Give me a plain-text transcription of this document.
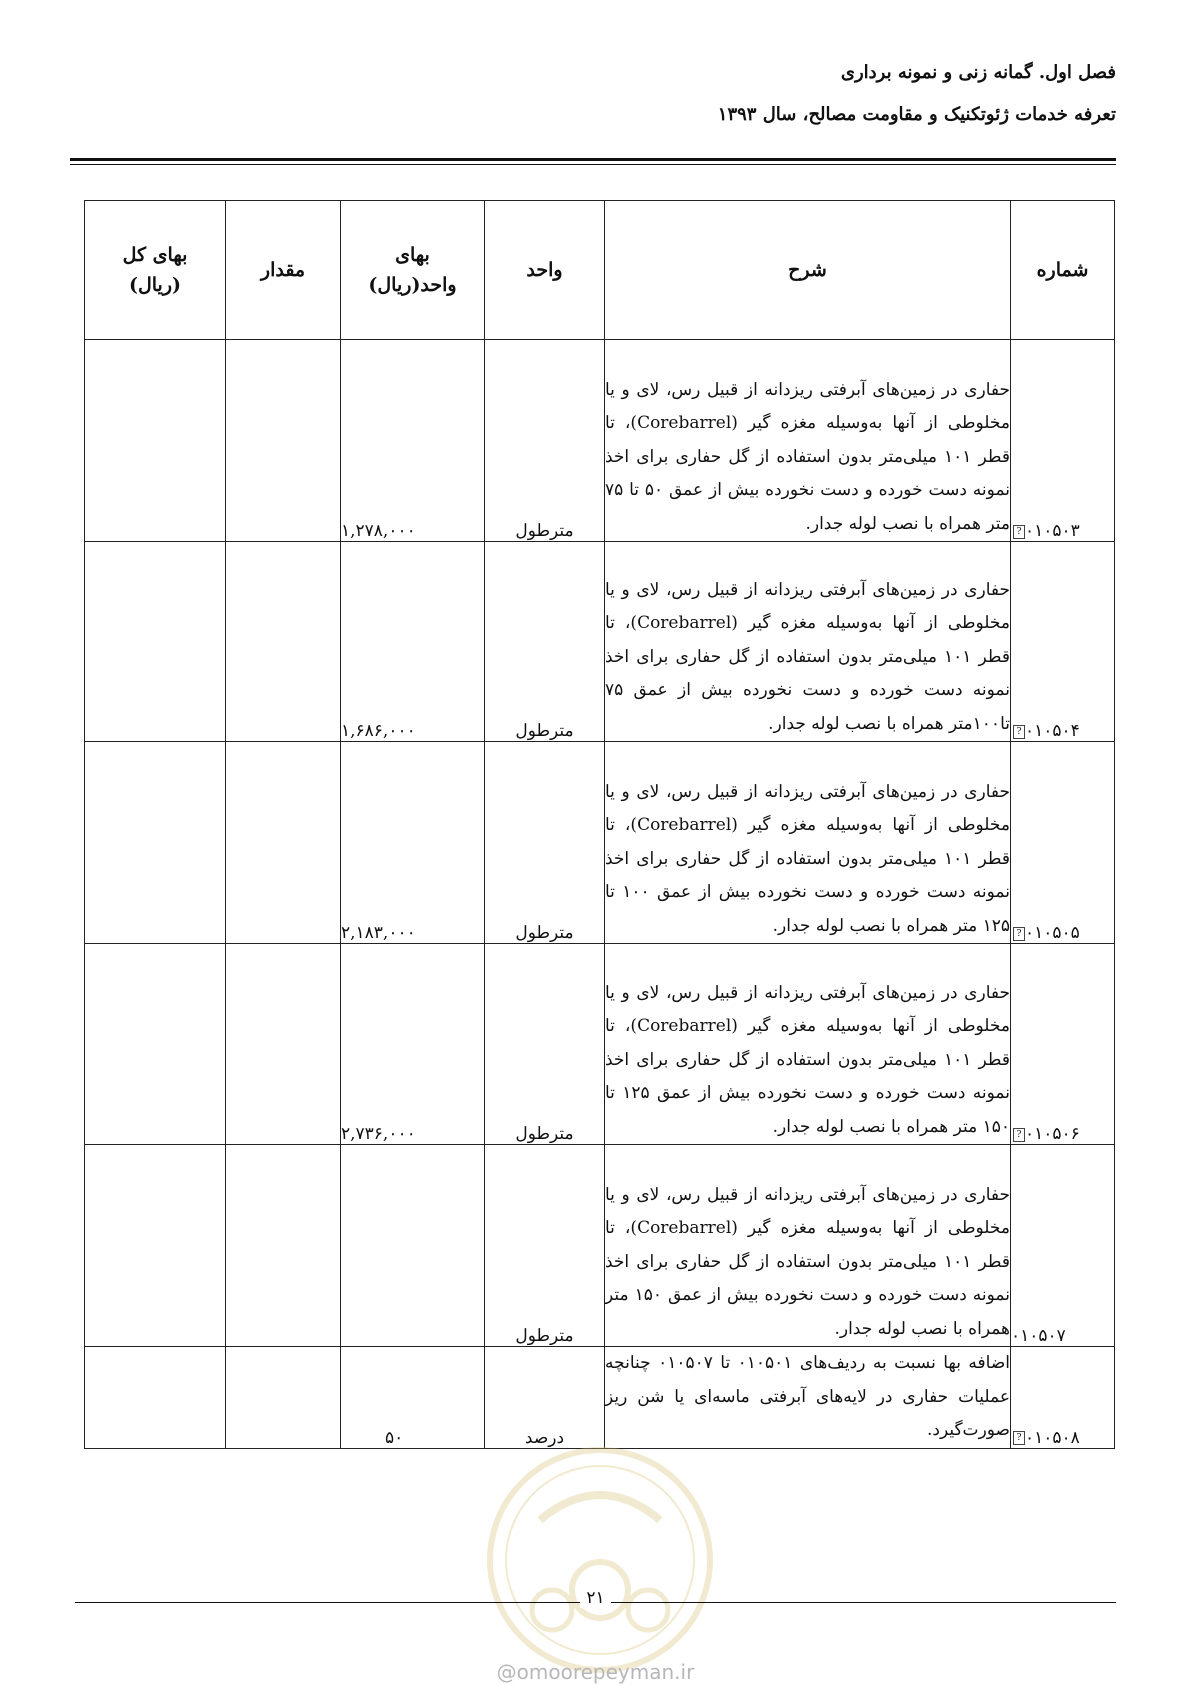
فصل اول. گمانه زنی و نمونه برداری
تعرفه خدمات ژئوتکنیک و مقاومت مصالح، سال ۱۳۹۳
شماره	شرح	واحد	بهای واحد(ریال)	مقدار	بهای کل (ریال)
? ۰۱۰۵۰۳	حفاری در زمین‌های آبرفتی ریزدانه از قبیل رس، لای و یا مخلوطی از آنها به‌وسیله مغزه گیر (Corebarrel)، تا قطر ۱۰۱ میلی‌متر بدون استفاده از گل حفاری برای اخذ نمونه دست خورده و دست نخورده بیش از عمق ۵۰ تا ۷۵ متر همراه با نصب لوله جدار.	مترطول	۱,۲۷۸,۰۰۰		
? ۰۱۰۵۰۴	حفاری در زمین‌های آبرفتی ریزدانه از قبیل رس، لای و یا مخلوطی از آنها به‌وسیله مغزه گیر (Corebarrel)، تا قطر ۱۰۱ میلی‌متر بدون استفاده از گل حفاری برای اخذ نمونه دست خورده و دست نخورده بیش از عمق ۷۵ تا۱۰۰متر همراه با نصب لوله جدار.	مترطول	۱,۶۸۶,۰۰۰		
? ۰۱۰۵۰۵	حفاری در زمین‌های آبرفتی ریزدانه از قبیل رس، لای و یا مخلوطی از آنها به‌وسیله مغزه گیر (Corebarrel)، تا قطر ۱۰۱ میلی‌متر بدون استفاده از گل حفاری برای اخذ نمونه دست خورده و دست نخورده بیش از عمق ۱۰۰ تا ۱۲۵ متر همراه با نصب لوله جدار.	مترطول	۲,۱۸۳,۰۰۰		
? ۰۱۰۵۰۶	حفاری در زمین‌های آبرفتی ریزدانه از قبیل رس، لای و یا مخلوطی از آنها به‌وسیله مغزه گیر (Corebarrel)، تا قطر ۱۰۱ میلی‌متر بدون استفاده از گل حفاری برای اخذ نمونه دست خورده و دست نخورده بیش از عمق ۱۲۵ تا ۱۵۰ متر همراه با نصب لوله جدار.	مترطول	۲,۷۳۶,۰۰۰		
۰۱۰۵۰۷	حفاری در زمین‌های آبرفتی ریزدانه از قبیل رس، لای و یا مخلوطی از آنها به‌وسیله مغزه گیر (Corebarrel)، تا قطر ۱۰۱ میلی‌متر بدون استفاده از گل حفاری برای اخذ نمونه دست خورده و دست نخورده بیش از عمق ۱۵۰ متر همراه با نصب لوله جدار.	مترطول			
? ۰۱۰۵۰۸	اضافه بها نسبت به ردیف‌های ۰۱۰۵۰۱ تا ۰۱۰۵۰۷ چنانچه عملیات حفاری در لایه‌های آبرفتی ماسه‌ای یا شن ریز صورت‌گیرد.	درصد	۵۰		
۲۱
@omoorepeyman.ir
